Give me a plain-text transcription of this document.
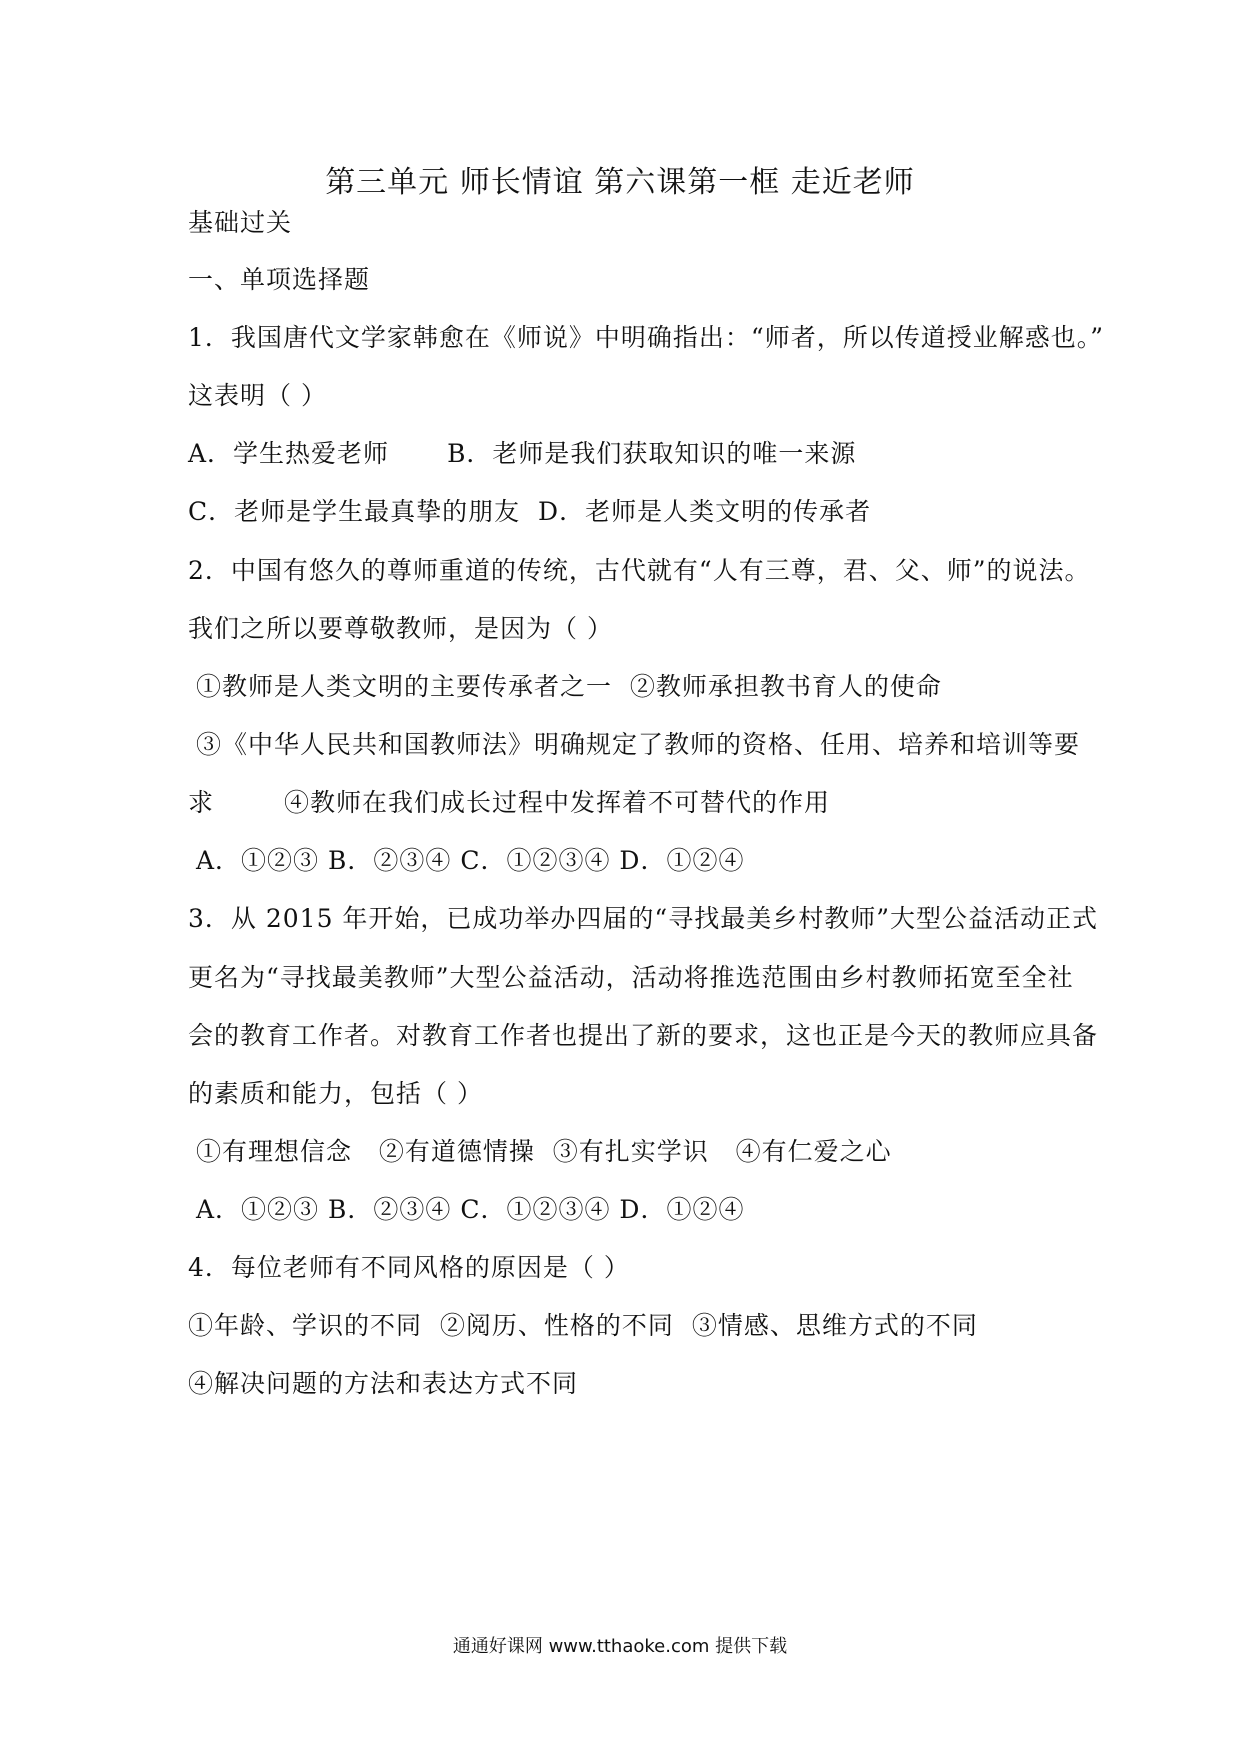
第三单元 师长情谊 第六课第一框 走近老师
基础过关
一、单项选择题
1．我国唐代文学家韩愈在《师说》中明确指出：“师者，所以传道授业解惑也。”
这表明（ ）
A．学生热爱老师 B．老师是我们获取知识的唯一来源
C．老师是学生最真挚的朋友 D．老师是人类文明的传承者
2．中国有悠久的尊师重道的传统，古代就有“人有三尊，君、父、师”的说法。
我们之所以要尊敬教师，是因为（ ）
①教师是人类文明的主要传承者之一 ②教师承担教书育人的使命
③《中华人民共和国教师法》明确规定了教师的资格、任用、培养和培训等要
求	④教师在我们成长过程中发挥着不可替代的作用
A．①②③ B．②③④ C．①②③④ D．①②④
3．从 2015 年开始，已成功举办四届的“寻找最美乡村教师”大型公益活动正式
更名为“寻找最美教师”大型公益活动，活动将推选范围由乡村教师拓宽至全社
会的教育工作者。对教育工作者也提出了新的要求，这也正是今天的教师应具备
的素质和能力，包括（ ）
①有理想信念 ②有道德情操 ③有扎实学识 ④有仁爱之心
A．①②③ B．②③④ C．①②③④ D．①②④
4．每位老师有不同风格的原因是（ ）
①年龄、学识的不同 ②阅历、性格的不同 ③情感、思维方式的不同
④解决问题的方法和表达方式不同
通通好课网 www.tthaoke.com 提供下载
